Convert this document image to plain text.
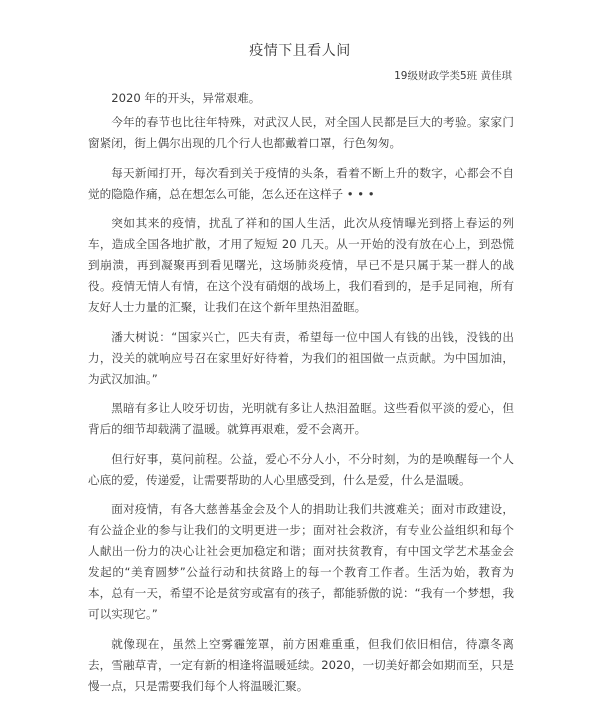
疫情下且看人间
19级财政学类5班 黄佳琪

2020 年的开头，异常艰难。

今年的春节也比往年特殊，对武汉人民，对全国人民都是巨大的考验。家家门窗紧闭，街上偶尔出现的几个行人也都戴着口罩，行色匆匆。

每天新闻打开，每次看到关于疫情的头条，看着不断上升的数字，心都会不自觉的隐隐作痛，总在想怎么可能，怎么还在这样子 • • •

突如其来的疫情，扰乱了祥和的国人生活，此次从疫情曝光到搭上春运的列车，造成全国各地扩散，才用了短短 20 几天。从一开始的没有放在心上，到恐慌到崩溃，再到凝聚再到看见曙光，这场肺炎疫情，早已不是只属于某一群人的战役。疫情无情人有情，在这个没有硝烟的战场上，我们看到的，是手足同袍，所有友好人士力量的汇聚，让我们在这个新年里热泪盈眶。

潘大树说：“国家兴亡，匹夫有责，希望每一位中国人有钱的出钱，没钱的出力，没关的就响应号召在家里好好待着，为我们的祖国做一点贡献。为中国加油，为武汉加油。”

黑暗有多让人咬牙切齿，光明就有多让人热泪盈眶。这些看似平淡的爱心，但背后的细节却载满了温暖。就算再艰难，爱不会离开。

但行好事，莫问前程。公益，爱心不分人小，不分时刻，为的是唤醒每一个人心底的爱，传递爱，让需要帮助的人心里感受到，什么是爱，什么是温暖。

面对疫情，有各大慈善基金会及个人的捐助让我们共渡难关；面对市政建设，有公益企业的参与让我们的文明更进一步；面对社会救济，有专业公益组织和每个人献出一份力的决心让社会更加稳定和谐；面对扶贫教育，有中国文学艺术基金会发起的“美育圆梦”公益行动和扶贫路上的每一个教育工作者。生活为始，教育为本，总有一天，希望不论是贫穷或富有的孩子，都能骄傲的说：“我有一个梦想，我可以实现它。”

就像现在，虽然上空雾霾笼罩，前方困难重重，但我们依旧相信，待凛冬离去，雪融草青，一定有新的相逢将温暖延续。2020，一切美好都会如期而至，只是慢一点，只是需要我们每个人将温暖汇聚。
